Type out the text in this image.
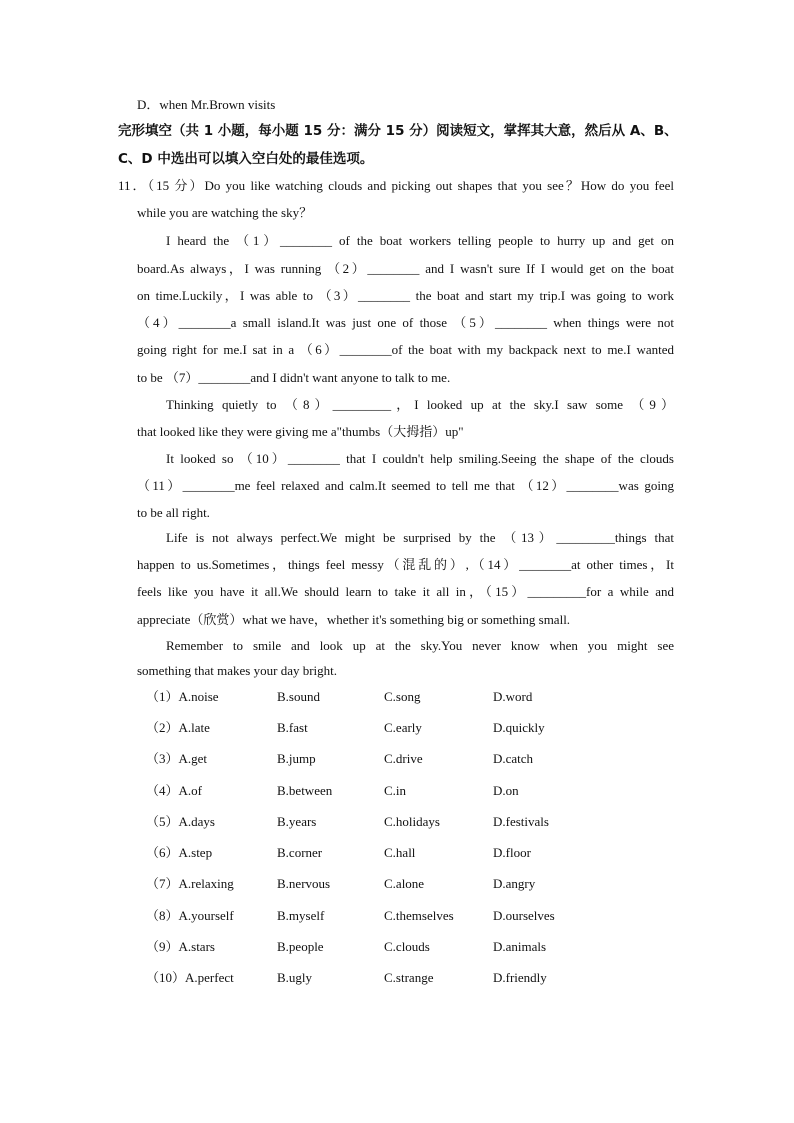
D．when Mr.Brown visits
完形填空（共 1 小题，每小题 15 分：满分 15 分）阅读短文，掌挥其大意，然后从 A、B、
C、D 中选出可以填入空白处的最佳选项。
11．（15 分）Do you like watching clouds and picking out shapes that you see？How do you feel
while you are watching the sky？
I heard the （1）________ of the boat workers telling people to hurry up and get on
board.As always，I was running （2）________ and I wasn't sure If I would get on the boat
on time.Luckily，I was able to （3）________ the boat and start my trip.I was going to work
（4）________a small island.It was just one of those （5）________ when things were not
going right for me.I sat in a （6）________of the boat with my backpack next to me.I wanted
to be （7）________and I didn't want anyone to talk to me.
Thinking quietly to （8）_________，I looked up at the sky.I saw some （9）
that looked like they were giving me a"thumbs（大拇指）up"
It looked so （10）________ that I couldn't help smiling.Seeing the shape of the clouds
（11）________me feel relaxed and calm.It seemed to tell me that （12）________was going
to be all right.
Life is not always perfect.We might be surprised by the （13）_________things that
happen to us.Sometimes，things feel messy（混乱的）,（14）________at other times，It
feels like you have it all.We should learn to take it all in，（15）_________for a while and
appreciate（欣赏）what we have，whether it's something big or something small.
Remember to smile and look up at the sky.You never know when you might see
something that makes your day bright.
（1）A.noise	B.sound	C.song	D.word
（2）A.late	B.fast	C.early	D.quickly
（3）A.get	B.jump	C.drive	D.catch
（4）A.of	B.between	C.in	D.on
（5）A.days	B.years	C.holidays	D.festivals
（6）A.step	B.corner	C.hall	D.floor
（7）A.relaxing	B.nervous	C.alone	D.angry
（8）A.yourself	B.myself	C.themselves	D.ourselves
（9）A.stars	B.people	C.clouds	D.animals
（10）A.perfect	B.ugly	C.strange	D.friendly
